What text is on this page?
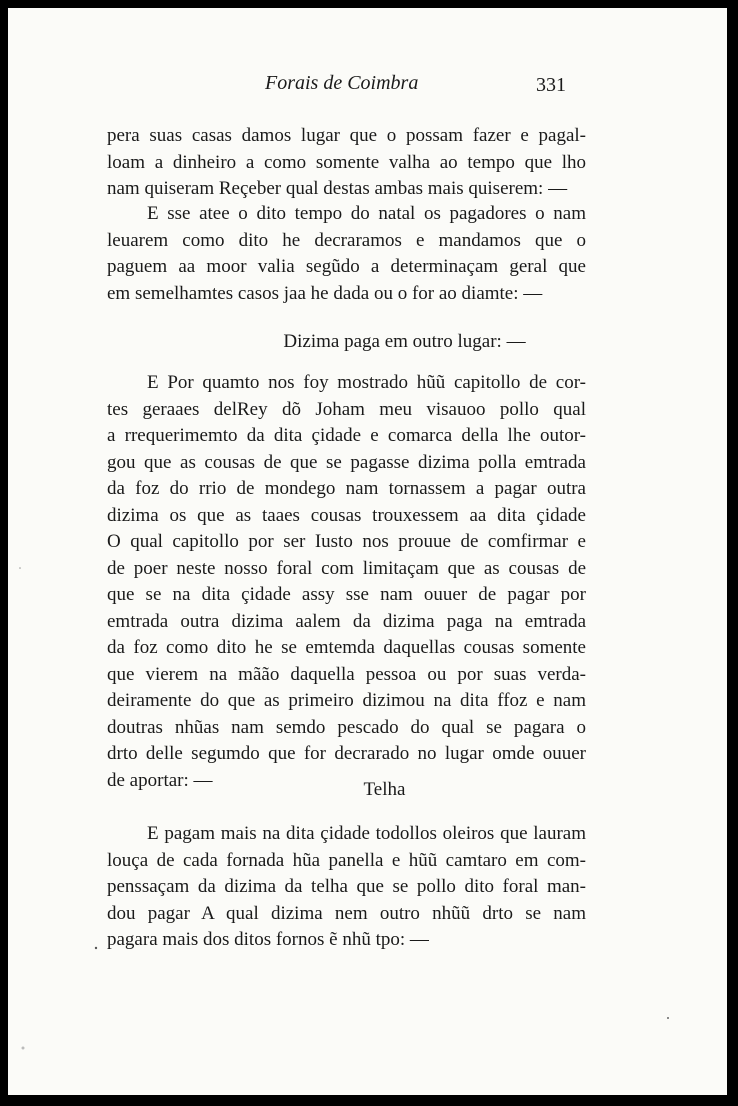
Forais de Coimbra	331
pera suas casas damos lugar que o possam fazer e pagal-
loam a dinheiro a como somente valha ao tempo que lho
nam quiseram Reçeber qual destas ambas mais quiserem: —
E sse atee o dito tempo do natal os pagadores o nam
leuarem como dito he decraramos e mandamos que o
paguem aa moor valia segũdo a determinaçam geral que
em semelhamtes casos jaa he dada ou o for ao diamte: —
Dizima paga em outro lugar: —
E Por quamto nos foy mostrado hũũ capitollo de cor-
tes geraaes delRey dõ Joham meu visauoo pollo qual
a rrequerimemto da dita çidade e comarca della lhe outor-
gou que as cousas de que se pagasse dizima polla emtrada
da foz do rrio de mondego nam tornassem a pagar outra
dizima os que as taaes cousas trouxessem aa dita çidade
O qual capitollo por ser Iusto nos prouue de comfirmar e
de poer neste nosso foral com limitaçam que as cousas de
que se na dita çidade assy sse nam ouuer de pagar por
emtrada outra dizima aalem da dizima paga na emtrada
da foz como dito he se emtemda daquellas cousas somente
que vierem na mãão daquella pessoa ou por suas verda-
deiramente do que as primeiro dizimou na dita ffoz e nam
doutras nhũas nam semdo pescado do qual se pagara o
drto delle segumdo que for decrarado no lugar omde ouuer
de aportar: —	Telha
E pagam mais na dita çidade todollos oleiros que lauram
louça de cada fornada hũa panella e hũũ camtaro em com-
penssaçam da dizima da telha que se pollo dito foral man-
dou pagar A qual dizima nem outro nhũũ drto se nam
pagara mais dos ditos fornos ẽ nhũ tpo: —
